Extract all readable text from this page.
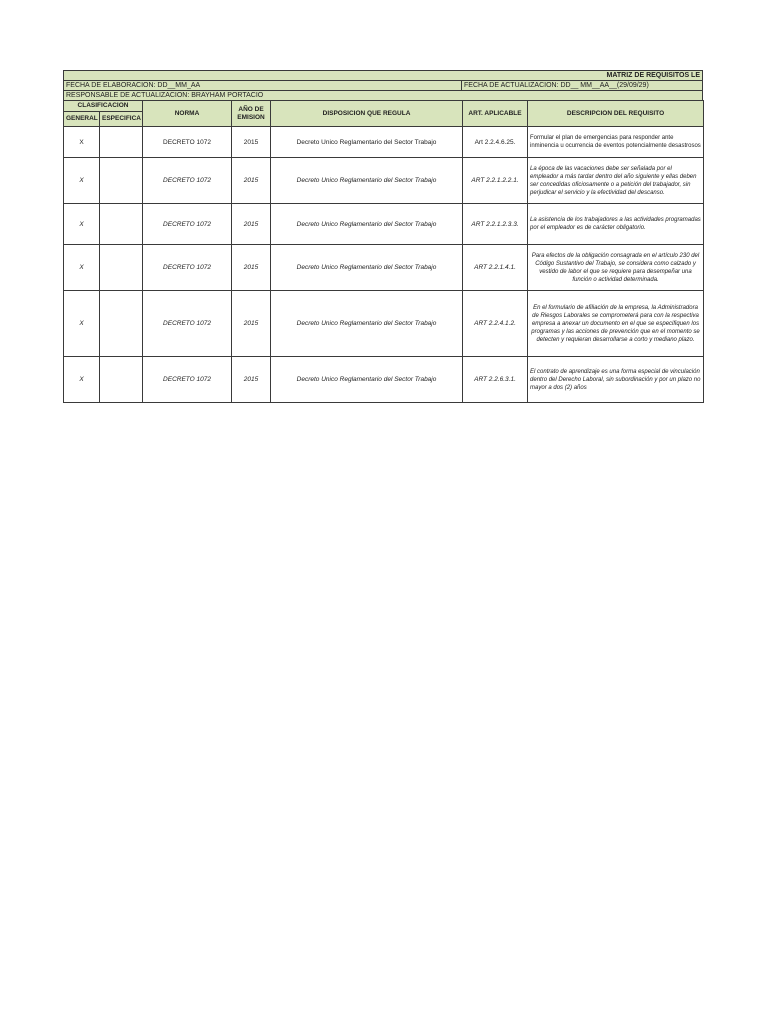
MATRIZ DE REQUISITOS LE
FECHA DE ELABORACION: DD__MM_AA	FECHA DE ACTUALIZACION: DD__ MM__AA__(29/09/29)
RESPONSABLE DE ACTUALIZACION: BRAYHAM PORTACIO
CLASIFICACION		NORMA	AÑO DE EMISION	DISPOSICION QUE REGULA	ART. APLICABLE	DESCRIPCION DEL REQUISITO
GENERAL	ESPECIFICA					
X		DECRETO 1072	2015	Decreto Unico Reglamentario del Sector Trabajo	Art 2.2.4.6.25.	Formular el plan de emergencias para responder ante inminencia u ocurrencia de eventos potencialmente desastrosos
X		DECRETO 1072	2015	Decreto Unico Reglamentario del Sector Trabajo	ART 2.2.1.2.2.1.	La época de las vacaciones debe ser señalada por el empleador a más tardar dentro del año siguiente y ellas deben ser concedidas oficiosamente o a petición del trabajador, sin perjudicar el servicio y la efectividad del descanso.
X		DECRETO 1072	2015	Decreto Unico Reglamentario del Sector Trabajo	ART 2.2.1.2.3.3.	La asistencia de los trabajadores a las actividades programadas por el empleador es de carácter obligatorio.
X		DECRETO 1072	2015	Decreto Unico Reglamentario del Sector Trabajo	ART 2.2.1.4.1.	Para efectos de la obligación consagrada en el artículo 230 del Código Sustantivo del Trabajo, se considera como calzado y vestido de labor el que se requiere para desempeñar una función o actividad determinada.
X		DECRETO 1072	2015	Decreto Unico Reglamentario del Sector Trabajo	ART 2.2.4.1.2.	En el formulario de afiliación de la empresa, la Administradora de Riesgos Laborales se comprometerá para con la respectiva empresa a anexar un documento en el que se especifiquen los programas y las acciones de prevención que en el momento se detecten y requieran desarrollarse a corto y mediano plazo.
X		DECRETO 1072	2015	Decreto Unico Reglamentario del Sector Trabajo	ART 2.2.6.3.1.	El contrato de aprendizaje es una forma especial de vinculación dentro del Derecho Laboral, sin subordinación y por un plazo no mayor a dos (2) años
